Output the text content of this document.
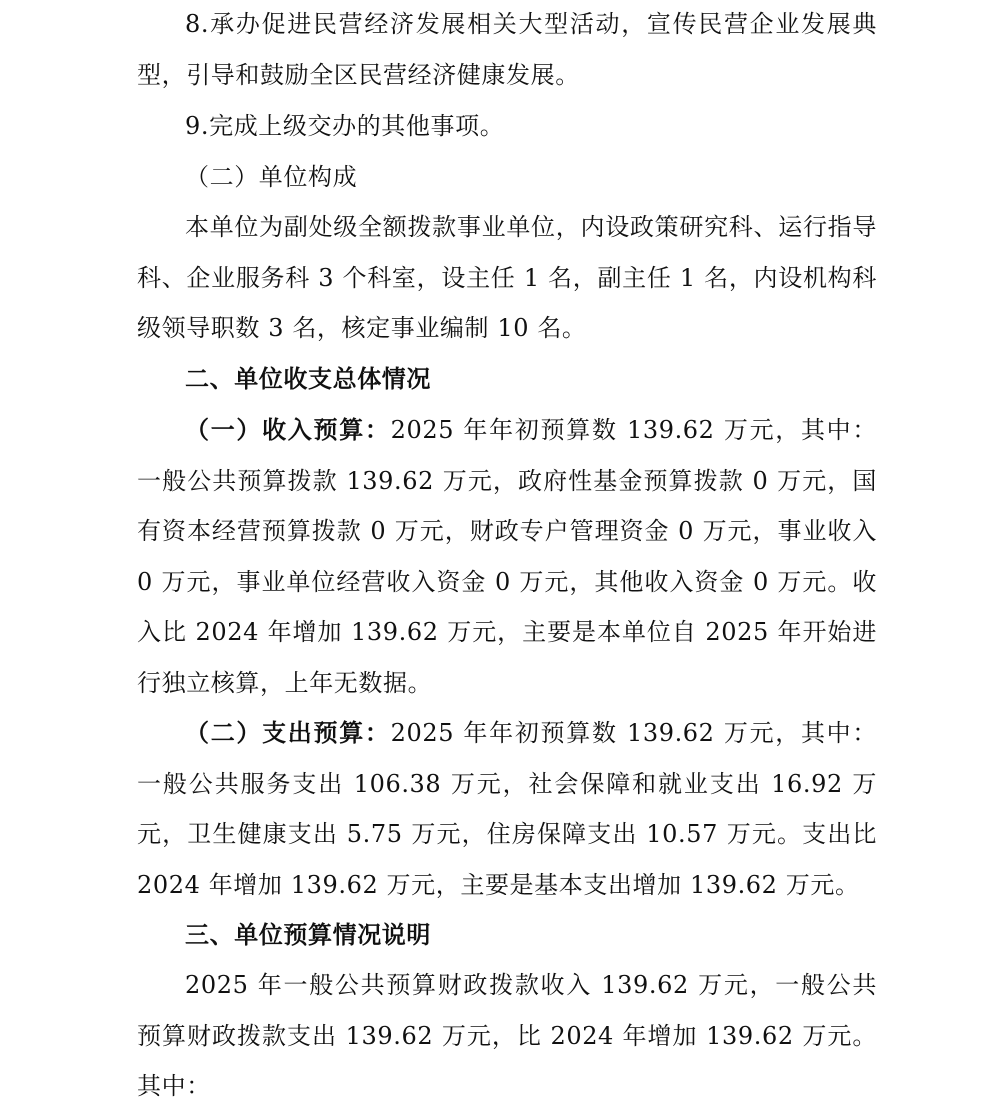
8.承办促进民营经济发展相关大型活动，宣传民营企业发展典型，引导和鼓励全区民营经济健康发展。

9.完成上级交办的其他事项。

（二）单位构成

本单位为副处级全额拨款事业单位，内设政策研究科、运行指导科、企业服务科 3 个科室，设主任 1 名，副主任 1 名，内设机构科级领导职数 3 名，核定事业编制 10 名。

二、单位收支总体情况

（一）收入预算：2025 年年初预算数 139.62 万元，其中：一般公共预算拨款 139.62 万元，政府性基金预算拨款 0 万元，国有资本经营预算拨款 0 万元，财政专户管理资金 0 万元，事业收入 0 万元，事业单位经营收入资金 0 万元，其他收入资金 0 万元。收入比 2024 年增加 139.62 万元，主要是本单位自 2025 年开始进行独立核算，上年无数据。

（二）支出预算：2025 年年初预算数 139.62 万元，其中：一般公共服务支出 106.38 万元，社会保障和就业支出 16.92 万元，卫生健康支出 5.75 万元，住房保障支出 10.57 万元。支出比 2024 年增加 139.62 万元，主要是基本支出增加 139.62 万元。

三、单位预算情况说明

2025 年一般公共预算财政拨款收入 139.62 万元，一般公共预算财政拨款支出 139.62 万元，比 2024 年增加 139.62 万元。其中：
